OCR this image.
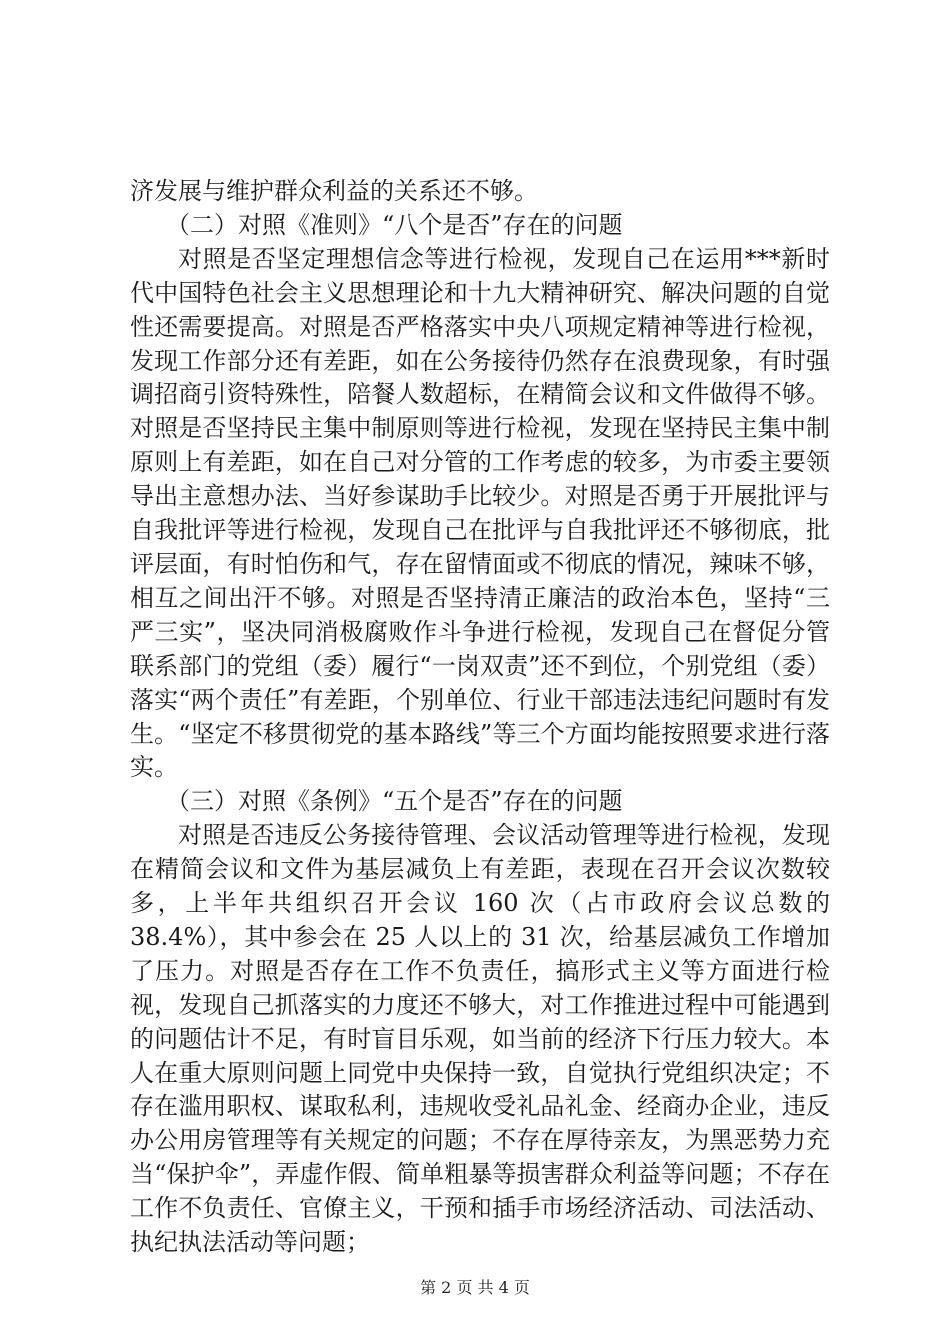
济发展与维护群众利益的关系还不够。

（二）对照《准则》“八个是否”存在的问题

对照是否坚定理想信念等进行检视，发现自己在运用***新时代中国特色社会主义思想理论和十九大精神研究、解决问题的自觉性还需要提高。对照是否严格落实中央八项规定精神等进行检视，发现工作部分还有差距，如在公务接待仍然存在浪费现象，有时强调招商引资特殊性，陪餐人数超标，在精简会议和文件做得不够。对照是否坚持民主集中制原则等进行检视，发现在坚持民主集中制原则上有差距，如在自己对分管的工作考虑的较多，为市委主要领导出主意想办法、当好参谋助手比较少。对照是否勇于开展批评与自我批评等进行检视，发现自己在批评与自我批评还不够彻底，批评层面，有时怕伤和气，存在留情面或不彻底的情况，辣味不够，相互之间出汗不够。对照是否坚持清正廉洁的政治本色，坚持“三严三实”，坚决同消极腐败作斗争进行检视，发现自己在督促分管联系部门的党组（委）履行“一岗双责”还不到位，个别党组（委）落实“两个责任”有差距，个别单位、行业干部违法违纪问题时有发生。“坚定不移贯彻党的基本路线”等三个方面均能按照要求进行落实。

（三）对照《条例》“五个是否”存在的问题

对照是否违反公务接待管理、会议活动管理等进行检视，发现在精简会议和文件为基层减负上有差距，表现在召开会议次数较多，上半年共组织召开会议 160 次（占市政府会议总数的 38.4%），其中参会在 25 人以上的 31 次，给基层减负工作增加了压力。对照是否存在工作不负责任，搞形式主义等方面进行检视，发现自己抓落实的力度还不够大，对工作推进过程中可能遇到的问题估计不足，有时盲目乐观，如当前的经济下行压力较大。本人在重大原则问题上同党中央保持一致，自觉执行党组织决定；不存在滥用职权、谋取私利，违规收受礼品礼金、经商办企业，违反办公用房管理等有关规定的问题；不存在厚待亲友，为黑恶势力充当“保护伞”，弄虚作假、简单粗暴等损害群众利益等问题；不存在工作不负责任、官僚主义，干预和插手市场经济活动、司法活动、执纪执法活动等问题；

第 2 页 共 4 页
